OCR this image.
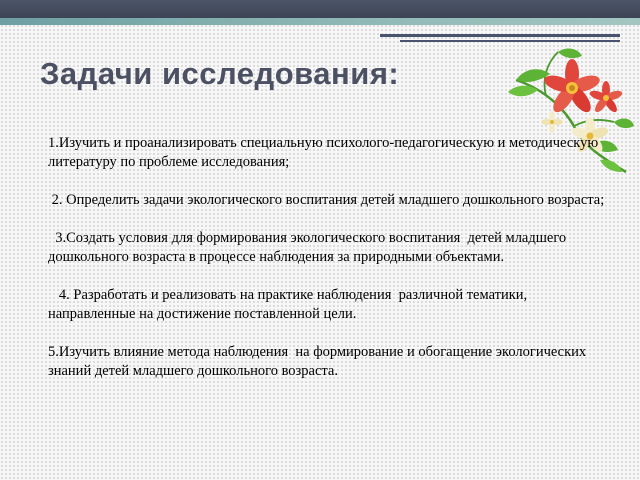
Задачи исследования:
1.Изучить и проанализировать специальную психолого-педагогическую и методическую литературу по проблеме исследования;
2. Определить задачи экологического воспитания детей младшего дошкольного возраста;
3.Создать условия для формирования экологического воспитания  детей младшего дошкольного возраста в процессе наблюдения за природными объектами.
4. Разработать и реализовать на практике наблюдения  различной тематики, направленные на достижение поставленной цели.
5.Изучить влияние метода наблюдения  на формирование и обогащение экологических знаний детей младшего дошкольного возраста.
